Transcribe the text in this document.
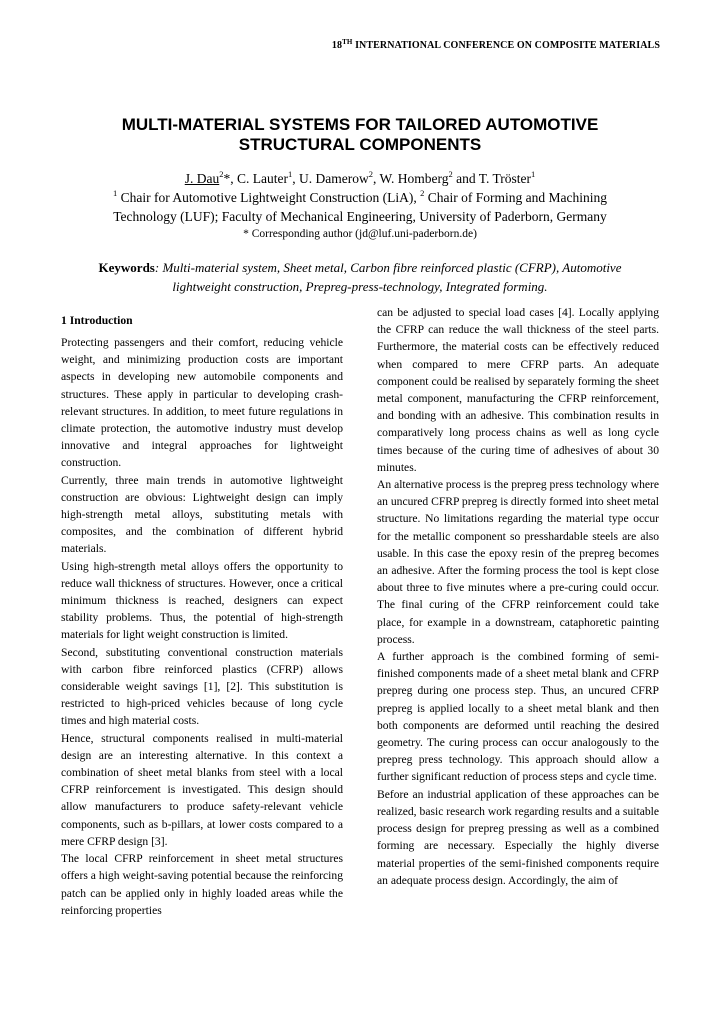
18TH INTERNATIONAL CONFERENCE ON COMPOSITE MATERIALS
MULTI-MATERIAL SYSTEMS FOR TAILORED AUTOMOTIVE
STRUCTURAL COMPONENTS
J. Dau$^2$*, C. Lauter$^1$, U. Damerow$^2$, W. Homberg$^2$ and T. Tröster$^1$
$^1$ Chair for Automotive Lightweight Construction (LiA), $^2$ Chair of Forming and Machining
Technology (LUF); Faculty of Mechanical Engineering, University of Paderborn, Germany
* Corresponding author (jd@luf.uni-paderborn.de)
Keywords: Multi-material system, Sheet metal, Carbon fibre reinforced plastic (CFRP), Automotive lightweight construction, Prepreg-press-technology, Integrated forming.
1 Introduction

Protecting passengers and their comfort, reducing vehicle weight, and minimizing production costs are important aspects in developing new automobile components and structures. These apply in particular to developing crash-relevant structures. In addition, to meet future regulations in climate protection, the automotive industry must develop innovative and integral approaches for lightweight construction.

Currently, three main trends in automotive lightweight construction are obvious: Lightweight design can imply high-strength metal alloys, substituting metals with composites, and the combination of different hybrid materials.

Using high-strength metal alloys offers the opportunity to reduce wall thickness of structures. However, once a critical minimum thickness is reached, designers can expect stability problems. Thus, the potential of high-strength materials for light weight construction is limited.

Second, substituting conventional construction materials with carbon fibre reinforced plastics (CFRP) allows considerable weight savings [1], [2]. This substitution is restricted to high-priced vehicles because of long cycle times and high material costs.

Hence, structural components realised in multi-material design are an interesting alternative. In this context a combination of sheet metal blanks from steel with a local CFRP reinforcement is investigated. This design should allow manufacturers to produce safety-relevant vehicle components, such as b-pillars, at lower costs compared to a mere CFRP design [3].

The local CFRP reinforcement in sheet metal structures offers a high weight-saving potential because the reinforcing patch can be applied only in highly loaded areas while the reinforcing properties

can be adjusted to special load cases [4]. Locally applying the CFRP can reduce the wall thickness of the steel parts. Furthermore, the material costs can be effectively reduced when compared to mere CFRP parts. An adequate component could be realised by separately forming the sheet metal component, manufacturing the CFRP reinforcement, and bonding with an adhesive. This combination results in comparatively long process chains as well as long cycle times because of the curing time of adhesives of about 30 minutes.

An alternative process is the prepreg press technology where an uncured CFRP prepreg is directly formed into sheet metal structure. No limitations regarding the material type occur for the metallic component so presshardable steels are also usable. In this case the epoxy resin of the prepreg becomes an adhesive. After the forming process the tool is kept close about three to five minutes where a pre-curing could occur. The final curing of the CFRP reinforcement could take place, for example in a downstream, cataphoretic painting process.

A further approach is the combined forming of semi-finished components made of a sheet metal blank and CFRP prepreg during one process step. Thus, an uncured CFRP prepreg is applied locally to a sheet metal blank and then both components are deformed until reaching the desired geometry. The curing process can occur analogously to the prepreg press technology. This approach should allow a further significant reduction of process steps and cycle time.

Before an industrial application of these approaches can be realized, basic research work regarding results and a suitable process design for prepreg pressing as well as a combined forming are necessary. Especially the highly diverse material properties of the semi-finished components require an adequate process design. Accordingly, the aim of
